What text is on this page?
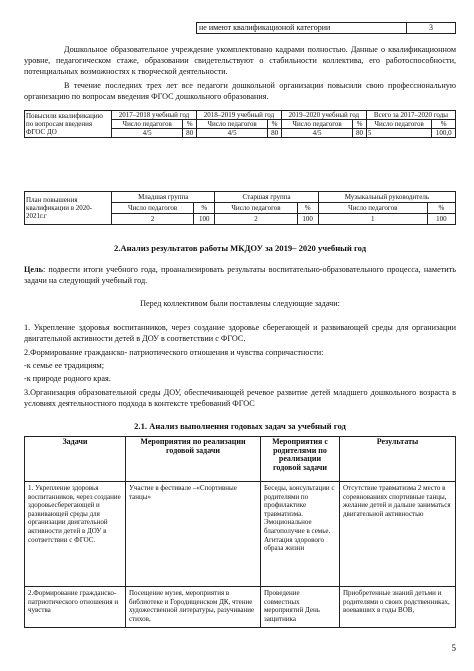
не имеют квалификационой категории	3
Дошкольное образовательное учреждение укомплектовано кадрами полностью. Данные о квалификационном уровне, педагогическом стаже, образовании свидетельствуют о стабильности коллектива, его работоспособности, потенциальных возможностях к творческой деятельности.
В течение последних трех лет все педагоги дошкольной организации повысили свою профессиональную организацию по вопросам введения ФГОС дошкольного образования.
Повысили квалификацию по вопросам введения ФГОС ДО	2017–2018 учебный год		2018–2019 учебный год		2019–2020 учебный год		Всего за 2017–2020 годы	
	Число педагогов	%	Число педагогов	%	Число педагогов	%	Число педагогов	%
	4/5	80	4/5	80	4/5	80	5	100,0
План повышения квалификации в 2020-2021г.г	Младшая группа		Старшая группа		Музыкальный руководитель	
	Число педагогов	%	Число педагогов	%	Число педагогов	%
	2	100	2	100	1	100
2.Анализ результатов работы МКДОУ за 2019– 2020 учебный год
Цель: подвести итоги учебного года, проанализировать результаты воспитательно-образовательного процесса, наметить задачи на следующий учебный год.
Перед коллективом были поставлены следующие задачи:
1. Укрепление здоровья воспитанников, через создание здоровье сберегающей и развивающей среды для организации двигательной активности детей в ДОУ в соответствии с ФГОС.
2.Формирование гражданско- патриотического отношения и чувства сопричастности:
-к семье ее традициям;
-к природе родного края.
3.Организация образовательной среды ДОУ, обеспечивающей речевое развитие детей младшего дошкольного возраста в условиях деятельностного подхода в контексте требований ФГОС
2.1. Анализ выполнения годовых задач за учебный год
Задачи	Мероприятия по реализации годовой задачи	Мероприятия с родителями по реализации годовой задачи	Результаты
1. Укрепление здоровья воспитанников, через создание здоровьесберегающей и развивающей среды для организации двигательной активности детей в ДОУ в соответствии с ФГОС.	Участие в фестивале –«Спортивные танцы»	Беседы, консультации с родителями по профилактике травматизма. Эмоциональное благополучие в семье. Агитация здорового образа жизни	Отсутствие травматизма 2 место в соревнованиях спортивные танцы, желание детей и дальше заниматься двигательной активностью
2.Формирование гражданско-патриотического отношения и чувства	Посещение музея, мероприятия в библиотеке и Городищенском ДК, чтение художественной литературы, разучивание стихов,	Проведение совместных мероприятий День защитника	Приобретенные знаний детьми и родителями о своих родственниках, воевавших в годы ВОВ,
5
